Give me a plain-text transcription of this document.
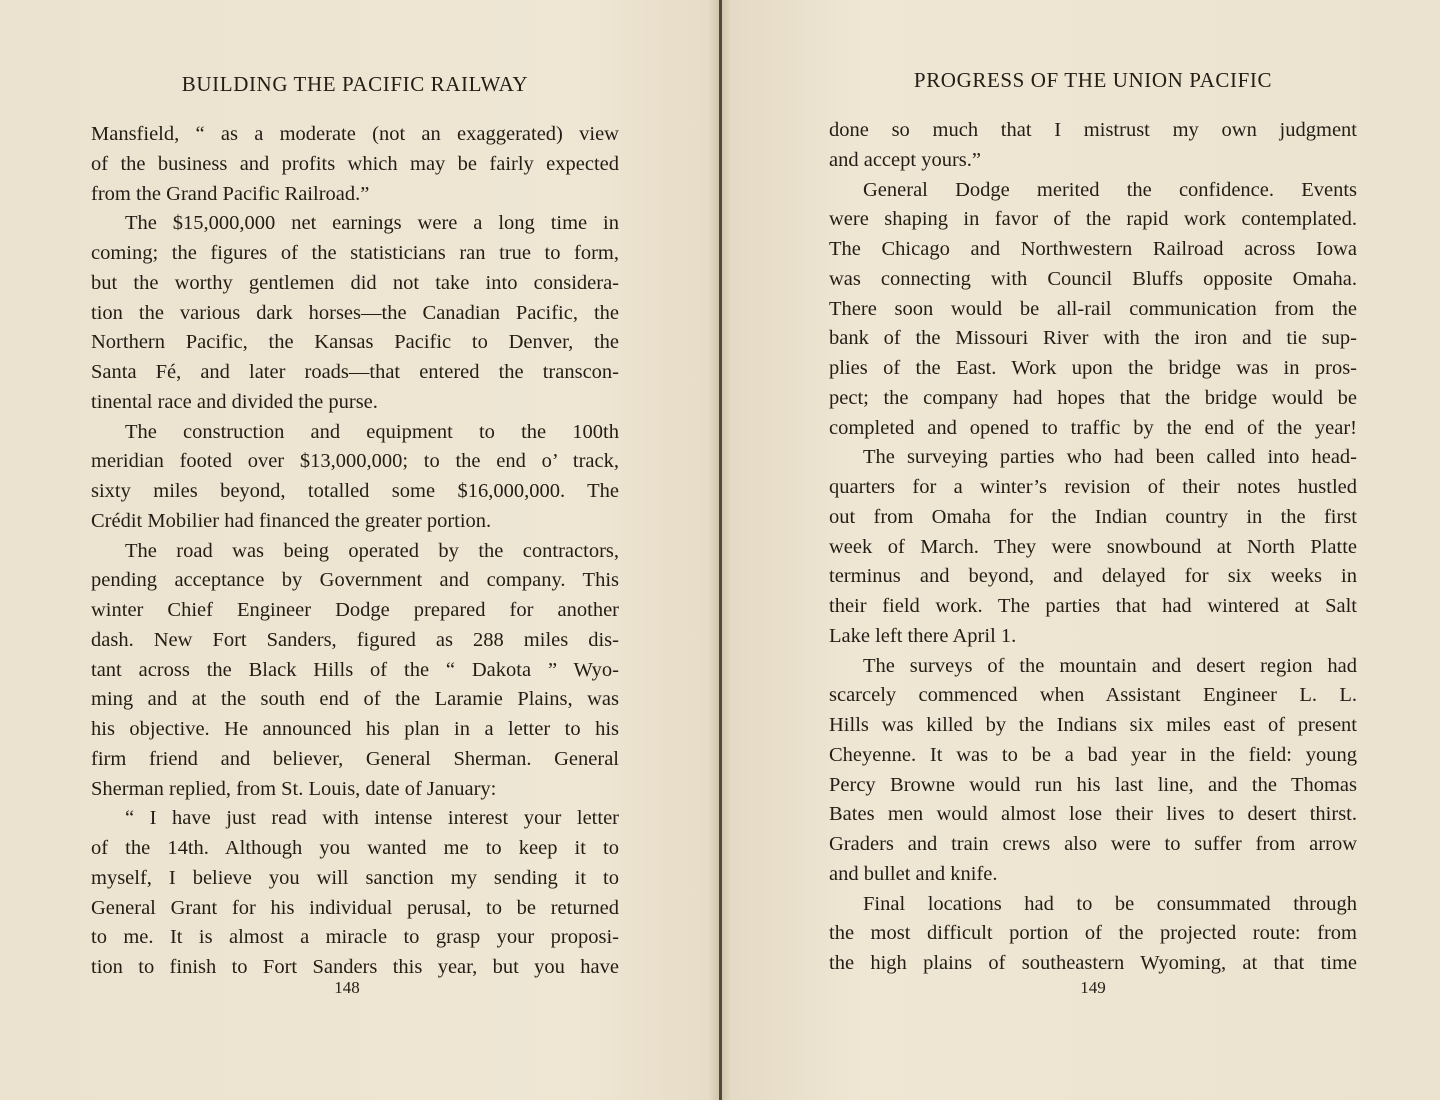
BUILDING THE PACIFIC RAILWAY
Mansfield, “ as a moderate (not an exaggerated) view
of the business and profits which may be fairly expected
from the Grand Pacific Railroad.”
The $15,000,000 net earnings were a long time in
coming; the figures of the statisticians ran true to form,
but the worthy gentlemen did not take into considera-
tion the various dark horses—the Canadian Pacific, the
Northern Pacific, the Kansas Pacific to Denver, the
Santa Fé, and later roads—that entered the transcon-
tinental race and divided the purse.
The construction and equipment to the 100th
meridian footed over $13,000,000; to the end o’ track,
sixty miles beyond, totalled some $16,000,000. The
Crédit Mobilier had financed the greater portion.
The road was being operated by the contractors,
pending acceptance by Government and company. This
winter Chief Engineer Dodge prepared for another
dash. New Fort Sanders, figured as 288 miles dis-
tant across the Black Hills of the “ Dakota ” Wyo-
ming and at the south end of the Laramie Plains, was
his objective. He announced his plan in a letter to his
firm friend and believer, General Sherman. General
Sherman replied, from St. Louis, date of January:
“ I have just read with intense interest your letter
of the 14th. Although you wanted me to keep it to
myself, I believe you will sanction my sending it to
General Grant for his individual perusal, to be returned
to me. It is almost a miracle to grasp your proposi-
tion to finish to Fort Sanders this year, but you have
148
PROGRESS OF THE UNION PACIFIC
done so much that I mistrust my own judgment
and accept yours.”
General Dodge merited the confidence. Events
were shaping in favor of the rapid work contemplated.
The Chicago and Northwestern Railroad across Iowa
was connecting with Council Bluffs opposite Omaha.
There soon would be all-rail communication from the
bank of the Missouri River with the iron and tie sup-
plies of the East. Work upon the bridge was in pros-
pect; the company had hopes that the bridge would be
completed and opened to traffic by the end of the year!
The surveying parties who had been called into head-
quarters for a winter’s revision of their notes hustled
out from Omaha for the Indian country in the first
week of March. They were snowbound at North Platte
terminus and beyond, and delayed for six weeks in
their field work. The parties that had wintered at Salt
Lake left there April 1.
The surveys of the mountain and desert region had
scarcely commenced when Assistant Engineer L. L.
Hills was killed by the Indians six miles east of present
Cheyenne. It was to be a bad year in the field: young
Percy Browne would run his last line, and the Thomas
Bates men would almost lose their lives to desert thirst.
Graders and train crews also were to suffer from arrow
and bullet and knife.
Final locations had to be consummated through
the most difficult portion of the projected route: from
the high plains of southeastern Wyoming, at that time
149
